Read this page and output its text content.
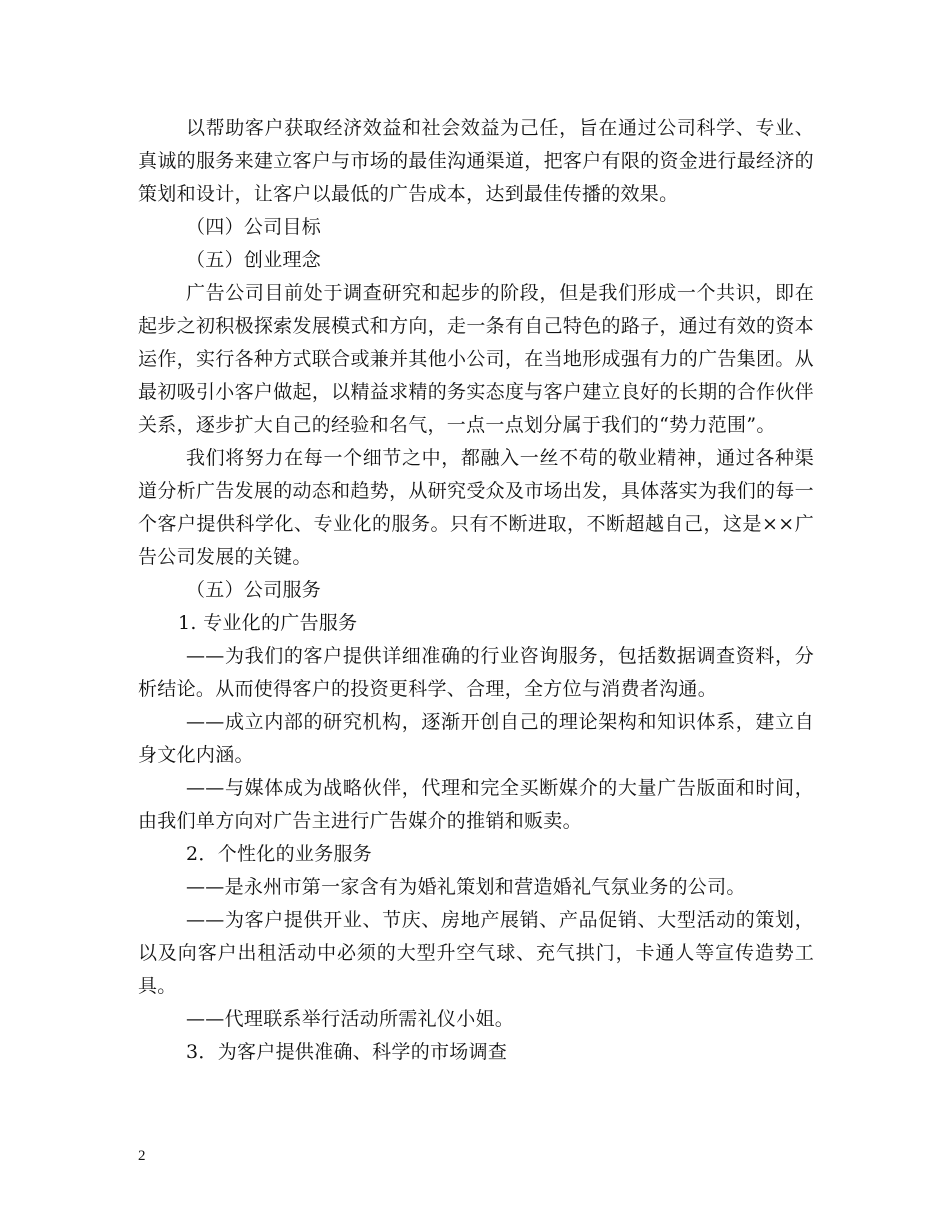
以帮助客户获取经济效益和社会效益为己任，旨在通过公司科学、专业、真诚的服务来建立客户与市场的最佳沟通渠道，把客户有限的资金进行最经济的策划和设计，让客户以最低的广告成本，达到最佳传播的效果。

（四）公司目标

（五）创业理念

广告公司目前处于调查研究和起步的阶段，但是我们形成一个共识，即在起步之初积极探索发展模式和方向，走一条有自己特色的路子，通过有效的资本运作，实行各种方式联合或兼并其他小公司，在当地形成强有力的广告集团。从最初吸引小客户做起，以精益求精的务实态度与客户建立良好的长期的合作伙伴关系，逐步扩大自己的经验和名气，一点一点划分属于我们的“势力范围”。

我们将努力在每一个细节之中，都融入一丝不苟的敬业精神，通过各种渠道分析广告发展的动态和趋势，从研究受众及市场出发，具体落实为我们的每一个客户提供科学化、专业化的服务。只有不断进取，不断超越自己，这是××广告公司发展的关键。

（五）公司服务

1. 专业化的广告服务

——为我们的客户提供详细准确的行业咨询服务，包括数据调查资料，分析结论。从而使得客户的投资更科学、合理，全方位与消费者沟通。

——成立内部的研究机构，逐渐开创自己的理论架构和知识体系，建立自身文化内涵。

——与媒体成为战略伙伴，代理和完全买断媒介的大量广告版面和时间，由我们单方向对广告主进行广告媒介的推销和贩卖。

2．个性化的业务服务

——是永州市第一家含有为婚礼策划和营造婚礼气氛业务的公司。

——为客户提供开业、节庆、房地产展销、产品促销、大型活动的策划，以及向客户出租活动中必须的大型升空气球、充气拱门，卡通人等宣传造势工具。

——代理联系举行活动所需礼仪小姐。

3．为客户提供准确、科学的市场调查

2
